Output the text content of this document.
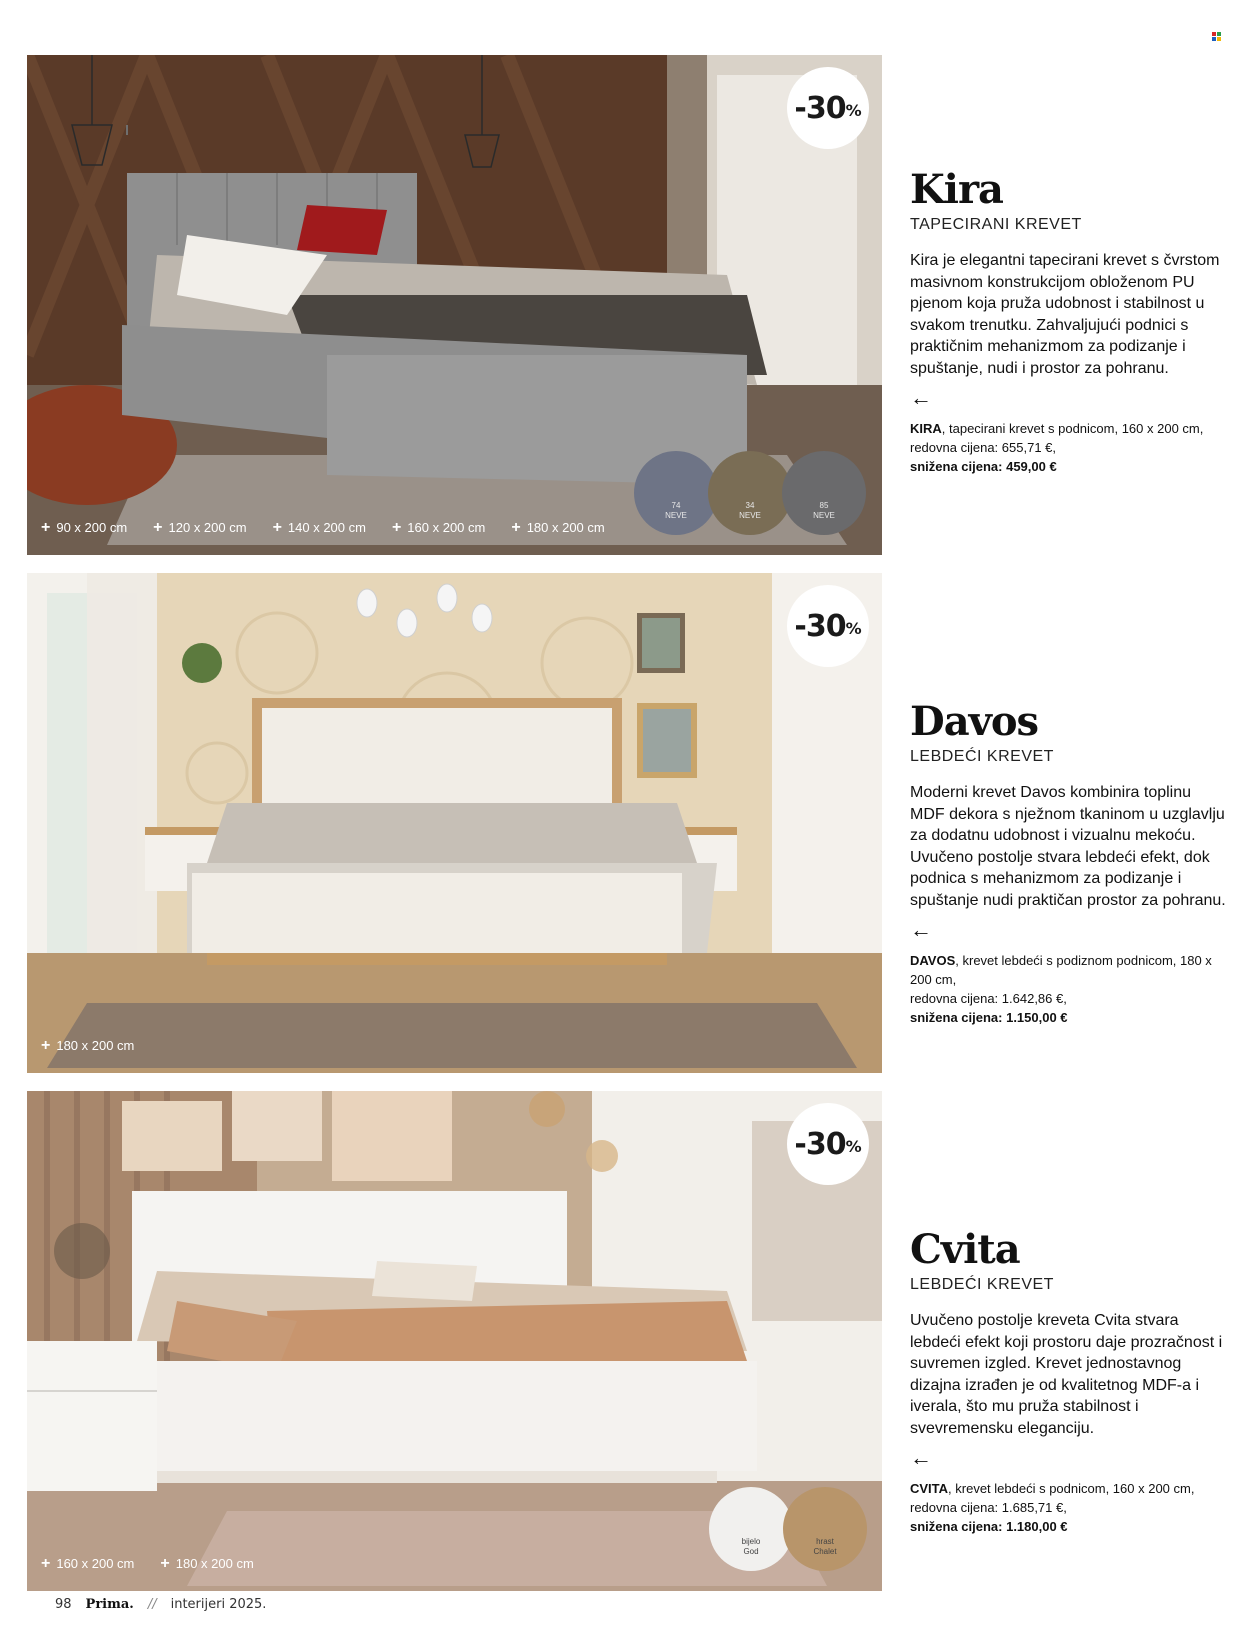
-30 %
+ 90 x 200 cm + 120 x 200 cm + 140 x 200 cm + 160 x 200 cm + 180 x 200 cm
74
NEVE
34
NEVE
85
NEVE
Kira
TAPECIRANI KREVET
Kira je elegantni tapecirani krevet s čvrstom masivnom konstrukcijom obloženom PU pjenom koja pruža udobnost i stabilnost u svakom trenutku. Zahvaljujući podnici s praktičnim mehanizmom za podizanje i spuštanje, nudi i prostor za pohranu.
←
KIRA, tapecirani krevet s podnicom, 160 x 200 cm,
redovna cijena: 655,71 €,
snižena cijena: 459,00 €
-30 %
+ 180 x 200 cm
Davos
LEBDEĆI KREVET
Moderni krevet Davos kombinira toplinu MDF dekora s nježnom tkaninom u uzglavlju za dodatnu udobnost i vizualnu mekoću. Uvučeno postolje stvara lebdeći efekt, dok podnica s mehanizmom za podizanje i spuštanje nudi praktičan prostor za pohranu.
←
DAVOS, krevet lebdeći s podiznom podnicom, 180 x 200 cm,
redovna cijena: 1.642,86 €,
snižena cijena: 1.150,00 €
-30 %
+ 160 x 200 cm + 180 x 200 cm
bijelo
God
hrast
Chalet
Cvita
LEBDEĆI KREVET
Uvučeno postolje kreveta Cvita stvara lebdeći efekt koji prostoru daje prozračnost i suvremen izgled. Krevet jednostavnog dizajna izrađen je od kvalitetnog MDF-a i iverala, što mu pruža stabilnost i svevremensku eleganciju.
←
CVITA, krevet lebdeći s podnicom, 160 x 200 cm,
redovna cijena: 1.685,71 €,
snižena cijena: 1.180,00 €
98 Prima. // interijeri 2025.
